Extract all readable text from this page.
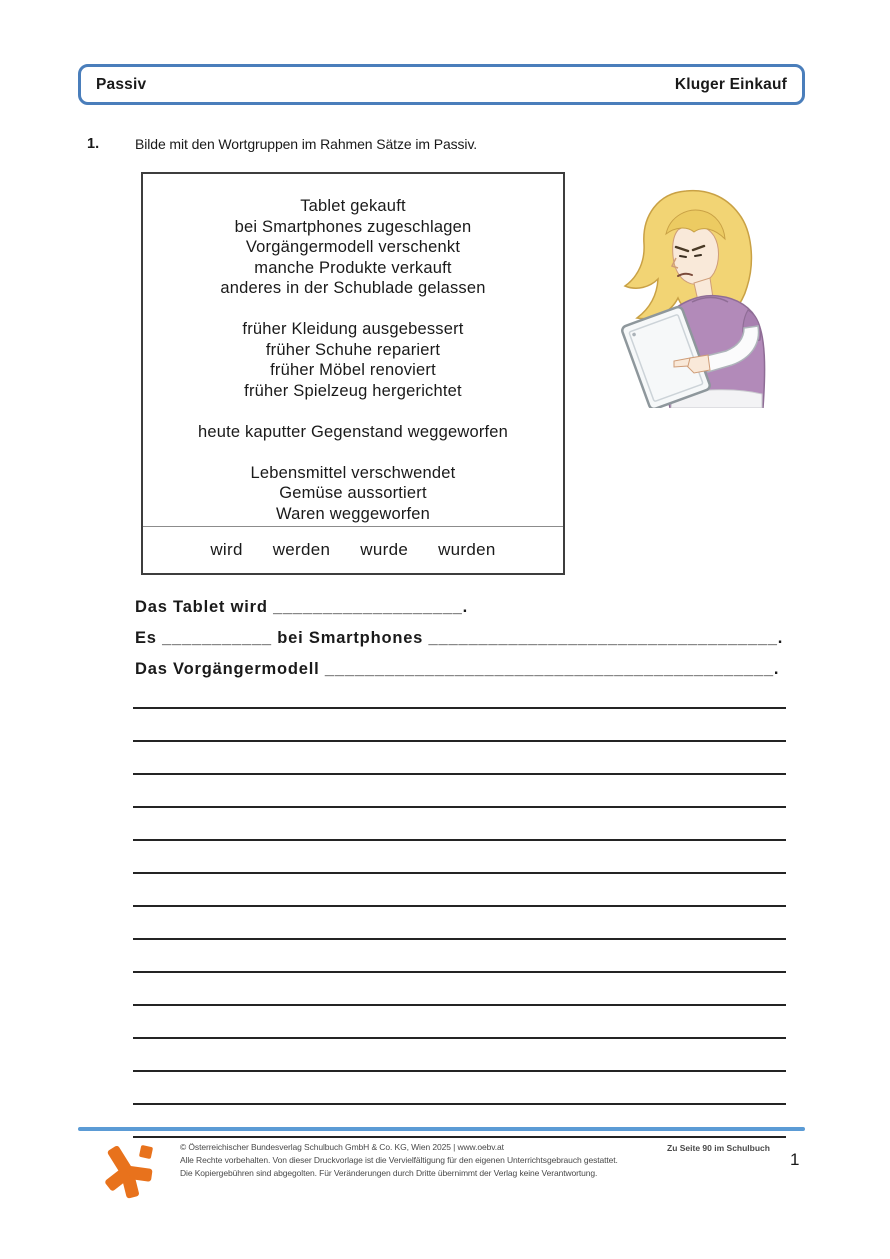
Passiv	Kluger Einkauf
1.	Bilde mit den Wortgruppen im Rahmen Sätze im Passiv.
Tablet gekauft
bei Smartphones zugeschlagen
Vorgängermodell verschenkt
manche Produkte verkauft
anderes in der Schublade gelassen
früher Kleidung ausgebessert
früher Schuhe repariert
früher Möbel renoviert
früher Spielzeug hergerichtet
heute kaputter Gegenstand weggeworfen
Lebensmittel verschwendet
Gemüse aussortiert
Waren weggeworfen
wird werden wurde wurden
Das Tablet wird ___________________.
Es ___________ bei Smartphones ___________________________________.
Das Vorgängermodell _____________________________________________.
© Österreichischer Bundesverlag Schulbuch GmbH & Co. KG, Wien 2025 | www.oebv.at
Alle Rechte vorbehalten. Von dieser Druckvorlage ist die Vervielfältigung für den eigenen Unterrichtsgebrauch gestattet.
Die Kopiergebühren sind abgegolten. Für Veränderungen durch Dritte übernimmt der Verlag keine Verantwortung.
Zu Seite 90 im Schulbuch
1
